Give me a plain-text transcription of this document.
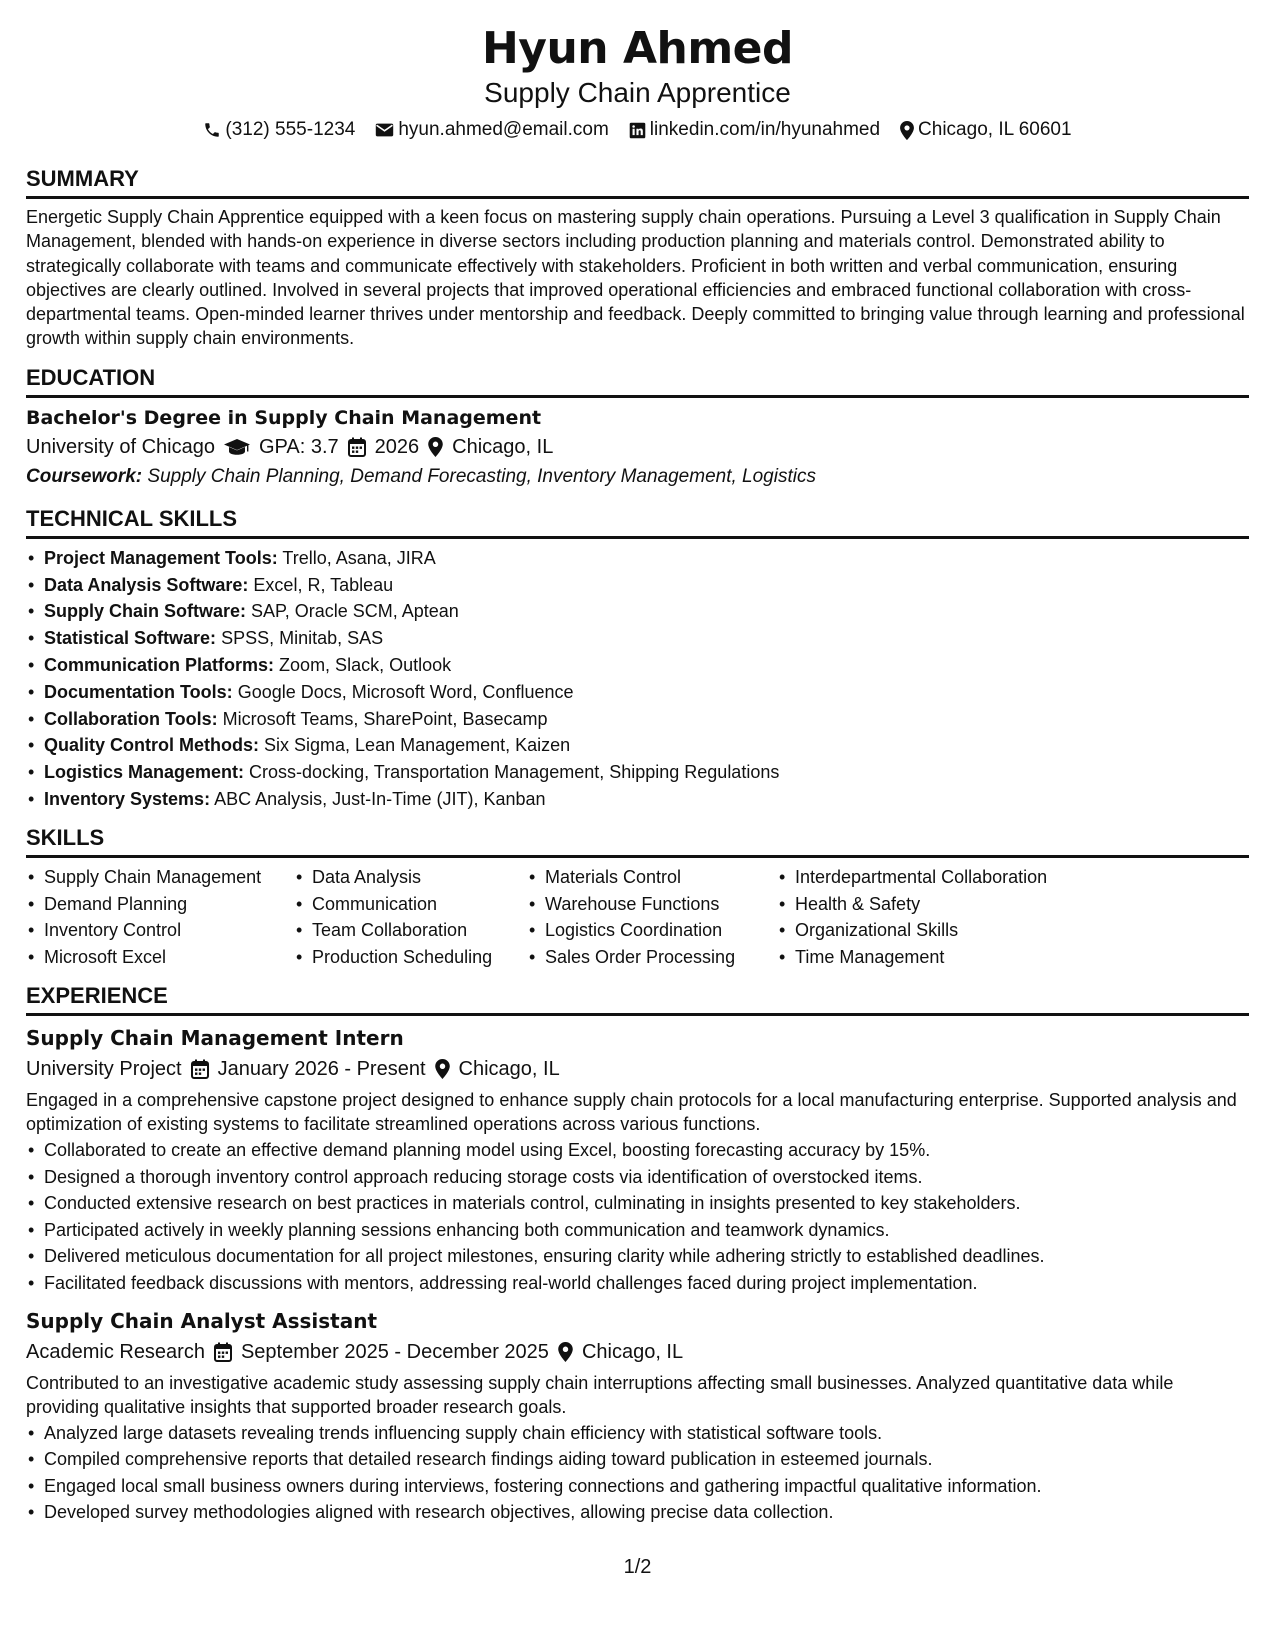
Hyun Ahmed
Supply Chain Apprentice
(312) 555-1234 hyun.ahmed@email.com linkedin.com/in/hyunahmed Chicago, IL 60601
SUMMARY

Energetic Supply Chain Apprentice equipped with a keen focus on mastering supply chain operations. Pursuing a Level 3 qualification in Supply Chain Management, blended with hands-on experience in diverse sectors including production planning and materials control. Demonstrated ability to strategically collaborate with teams and communicate effectively with stakeholders. Proficient in both written and verbal communication, ensuring objectives are clearly outlined. Involved in several projects that improved operational efficiencies and embraced functional collaboration with cross-departmental teams. Open-minded learner thrives under mentorship and feedback. Deeply committed to bringing value through learning and professional growth within supply chain environments.

EDUCATION
Bachelor's Degree in Supply Chain Management
University of Chicago GPA: 3.7 2026 Chicago, IL
Coursework: Supply Chain Planning, Demand Forecasting, Inventory Management, Logistics
TECHNICAL SKILLS
• Project Management Tools: Trello, Asana, JIRA
• Data Analysis Software: Excel, R, Tableau
• Supply Chain Software: SAP, Oracle SCM, Aptean
• Statistical Software: SPSS, Minitab, SAS
• Communication Platforms: Zoom, Slack, Outlook
• Documentation Tools: Google Docs, Microsoft Word, Confluence
• Collaboration Tools: Microsoft Teams, SharePoint, Basecamp
• Quality Control Methods: Six Sigma, Lean Management, Kaizen
• Logistics Management: Cross-docking, Transportation Management, Shipping Regulations
• Inventory Systems: ABC Analysis, Just-In-Time (JIT), Kanban
SKILLS
• Supply Chain Management
• Demand Planning
• Inventory Control
• Microsoft Excel
• Data Analysis
• Communication
• Team Collaboration
• Production Scheduling
• Materials Control
• Warehouse Functions
• Logistics Coordination
• Sales Order Processing
• Interdepartmental Collaboration
• Health & Safety
• Organizational Skills
• Time Management
EXPERIENCE
Supply Chain Management Intern
University Project January 2026 - Present Chicago, IL

Engaged in a comprehensive capstone project designed to enhance supply chain protocols for a local manufacturing enterprise. Supported analysis and optimization of existing systems to facilitate streamlined operations across various functions.

• Collaborated to create an effective demand planning model using Excel, boosting forecasting accuracy by 15%.
• Designed a thorough inventory control approach reducing storage costs via identification of overstocked items.
• Conducted extensive research on best practices in materials control, culminating in insights presented to key stakeholders.
• Participated actively in weekly planning sessions enhancing both communication and teamwork dynamics.
• Delivered meticulous documentation for all project milestones, ensuring clarity while adhering strictly to established deadlines.
• Facilitated feedback discussions with mentors, addressing real-world challenges faced during project implementation.
Supply Chain Analyst Assistant
Academic Research September 2025 - December 2025 Chicago, IL

Contributed to an investigative academic study assessing supply chain interruptions affecting small businesses. Analyzed quantitative data while providing qualitative insights that supported broader research goals.

• Analyzed large datasets revealing trends influencing supply chain efficiency with statistical software tools.
• Compiled comprehensive reports that detailed research findings aiding toward publication in esteemed journals.
• Engaged local small business owners during interviews, fostering connections and gathering impactful qualitative information.
• Developed survey methodologies aligned with research objectives, allowing precise data collection.
1/2
